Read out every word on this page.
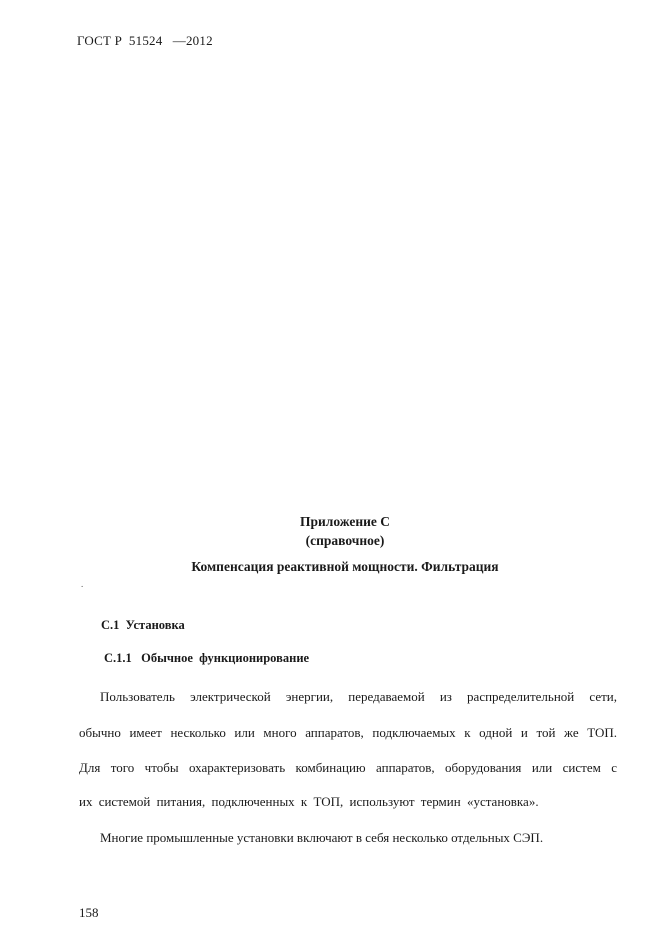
ГОСТ Р  51524   —2012
Приложение С
(справочное)
Компенсация реактивной мощности. Фильтрация
.
С.1  Установка
С.1.1   Обычное  функционирование
Пользователь электрической энергии, передаваемой из распределительной сети,
обычно имеет несколько или много аппаратов, подключаемых к одной и той же ТОП.
Для того чтобы охарактеризовать комбинацию аппаратов, оборудования или систем с
их системой питания, подключенных к ТОП, используют термин «установка».
Многие промышленные установки включают в себя несколько отдельных СЭП.
158
